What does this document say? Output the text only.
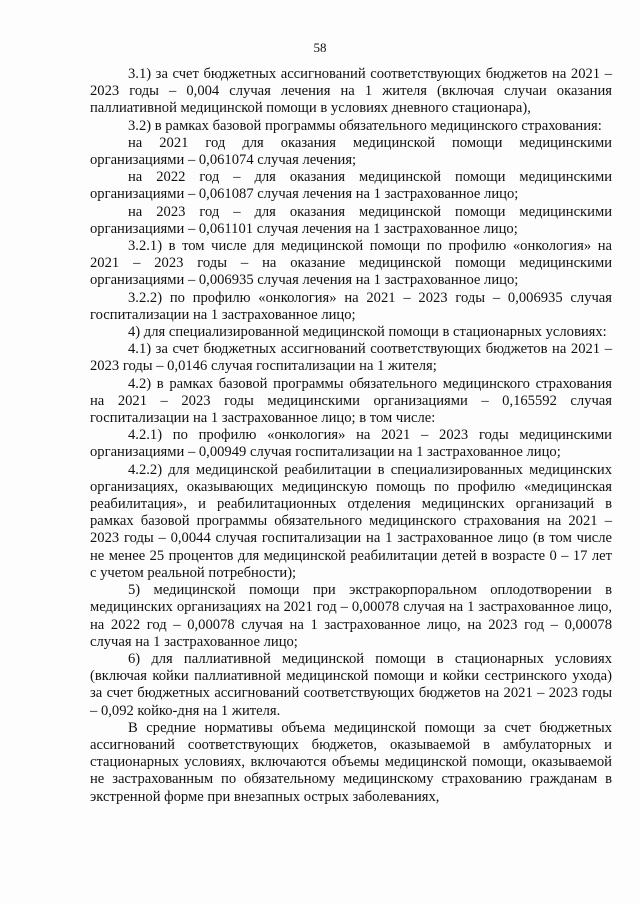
58

3.1) за счет бюджетных ассигнований соответствующих бюджетов на 2021 – 2023 годы – 0,004 случая лечения на 1 жителя (включая случаи оказания паллиативной медицинской помощи в условиях дневного стационара),

3.2) в рамках базовой программы обязательного медицинского страхования:

на 2021 год для оказания медицинской помощи медицинскими организациями – 0,061074 случая лечения;

на 2022 год – для оказания медицинской помощи медицинскими организациями – 0,061087 случая лечения на 1 застрахованное лицо;

на 2023 год – для оказания медицинской помощи медицинскими организациями – 0,061101 случая лечения на 1 застрахованное лицо;

3.2.1) в том числе для медицинской помощи по профилю «онкология» на 2021 – 2023 годы – на оказание медицинской помощи медицинскими организациями – 0,006935 случая лечения на 1 застрахованное лицо;

3.2.2) по профилю «онкология» на 2021 – 2023 годы – 0,006935 случая госпитализации на 1 застрахованное лицо;

4) для специализированной медицинской помощи в стационарных условиях:

4.1) за счет бюджетных ассигнований соответствующих бюджетов на 2021 – 2023 годы – 0,0146 случая госпитализации на 1 жителя;

4.2) в рамках базовой программы обязательного медицинского страхования на 2021 – 2023 годы медицинскими организациями – 0,165592 случая госпитализации на 1 застрахованное лицо; в том числе:

4.2.1) по профилю «онкология» на 2021 – 2023 годы медицинскими организациями – 0,00949 случая госпитализации на 1 застрахованное лицо;

4.2.2) для медицинской реабилитации в специализированных медицинских организациях, оказывающих медицинскую помощь по профилю «медицинская реабилитация», и реабилитационных отделения медицинских организаций в рамках базовой программы обязательного медицинского страхования на 2021 – 2023 годы – 0,0044 случая госпитализации на 1 застрахованное лицо (в том числе не менее 25 процентов для медицинской реабилитации детей в возрасте 0 – 17 лет с учетом реальной потребности);

5) медицинской помощи при экстракорпоральном оплодотворении в медицинских организациях на 2021 год – 0,00078 случая на 1 застрахованное лицо, на 2022 год – 0,00078 случая на 1 застрахованное лицо, на 2023 год – 0,00078 случая на 1 застрахованное лицо;

6) для паллиативной медицинской помощи в стационарных условиях (включая койки паллиативной медицинской помощи и койки сестринского ухода) за счет бюджетных ассигнований соответствующих бюджетов на 2021 – 2023 годы – 0,092 койко-дня на 1 жителя.

В средние нормативы объема медицинской помощи за счет бюджетных ассигнований соответствующих бюджетов, оказываемой в амбулаторных и стационарных условиях, включаются объемы медицинской помощи, оказываемой не застрахованным по обязательному медицинскому страхованию гражданам в экстренной форме при внезапных острых заболеваниях,
